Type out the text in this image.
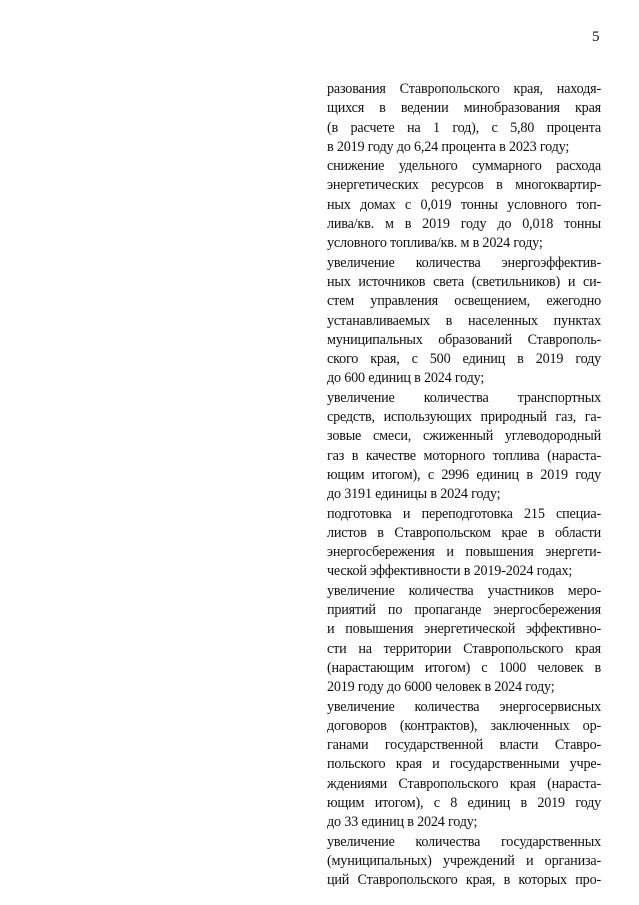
5
разования Ставропольского края, находя-
щихся в ведении минобразования края
(в расчете на 1 год), с 5,80 процента
в 2019 году до 6,24 процента в 2023 году;
снижение удельного суммарного расхода
энергетических ресурсов в многоквартир-
ных домах с 0,019 тонны условного топ-
лива/кв. м в 2019 году до 0,018 тонны
условного топлива/кв. м в 2024 году;
увеличение количества энергоэффектив-
ных источников света (светильников) и си-
стем управления освещением, ежегодно
устанавливаемых в населенных пунктах
муниципальных образований Ставрополь-
ского края, с 500 единиц в 2019 году
до 600 единиц в 2024 году;
увеличение количества транспортных
средств, использующих природный газ, га-
зовые смеси, сжиженный углеводородный
газ в качестве моторного топлива (нараста-
ющим итогом), с 2996 единиц в 2019 году
до 3191 единицы в 2024 году;
подготовка и переподготовка 215 специа-
листов в Ставропольском крае в области
энергосбережения и повышения энергети-
ческой эффективности в 2019-2024 годах;
увеличение количества участников меро-
приятий по пропаганде энергосбережения
и повышения энергетической эффективно-
сти на территории Ставропольского края
(нарастающим итогом) с 1000 человек в
2019 году до 6000 человек в 2024 году;
увеличение количества энергосервисных
договоров (контрактов), заключенных ор-
ганами государственной власти Ставро-
польского края и государственными учре-
ждениями Ставропольского края (нараста-
ющим итогом), с 8 единиц в 2019 году
до 33 единиц в 2024 году;
увеличение количества государственных
(муниципальных) учреждений и организа-
ций Ставропольского края, в которых про-
